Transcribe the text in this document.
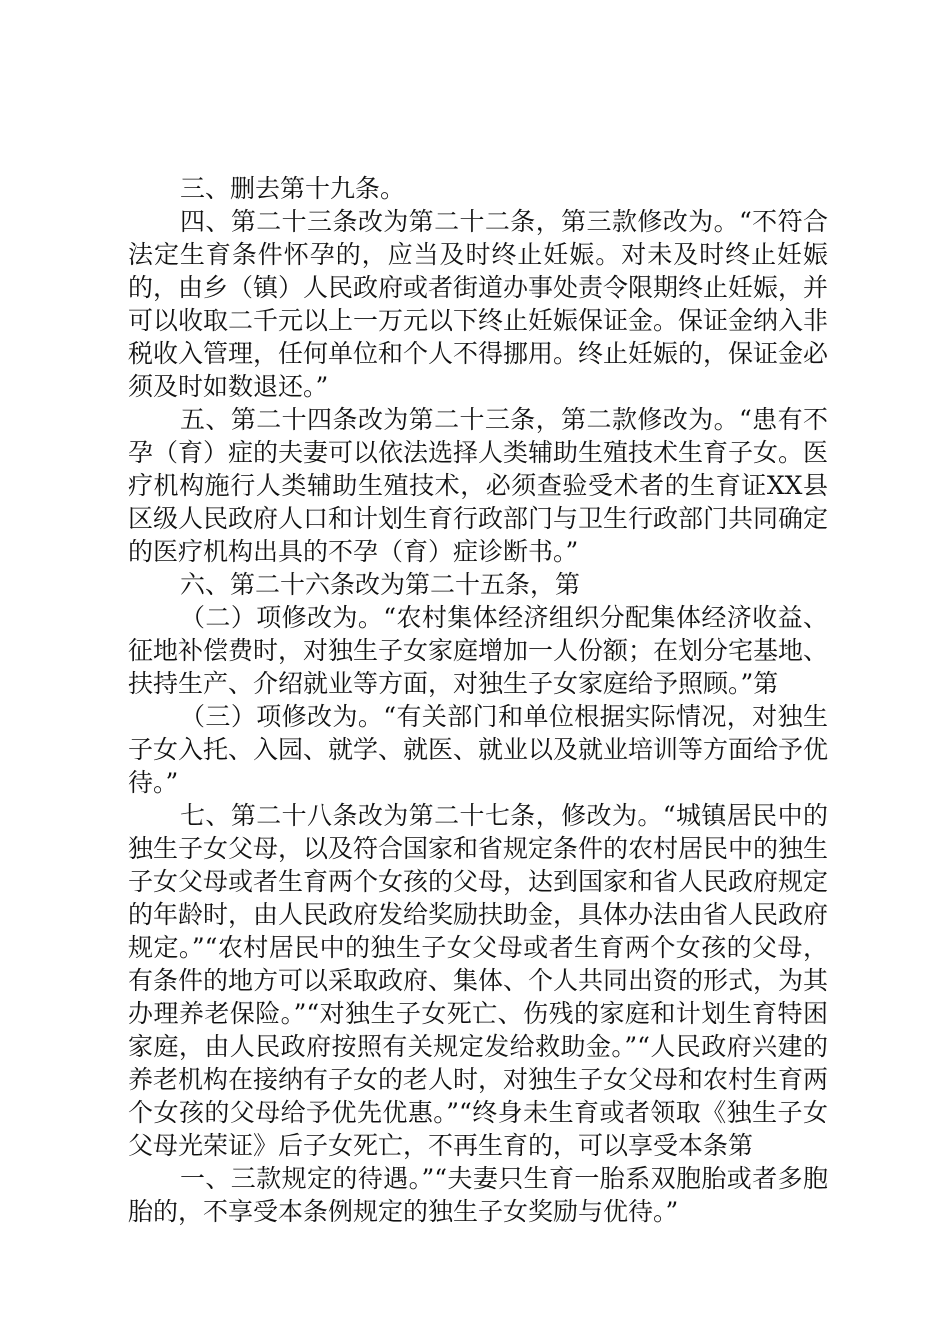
三、删去第十九条。

四、第二十三条改为第二十二条，第三款修改为。“不符合法定生育条件怀孕的，应当及时终止妊娠。对未及时终止妊娠的，由乡（镇）人民政府或者街道办事处责令限期终止妊娠，并可以收取二千元以上一万元以下终止妊娠保证金。保证金纳入非税收入管理，任何单位和个人不得挪用。终止妊娠的，保证金必须及时如数退还。”

五、第二十四条改为第二十三条，第二款修改为。“患有不孕（育）症的夫妻可以依法选择人类辅助生殖技术生育子女。医疗机构施行人类辅助生殖技术，必须查验受术者的生育证XX县区级人民政府人口和计划生育行政部门与卫生行政部门共同确定的医疗机构出具的不孕（育）症诊断书。”

六、第二十六条改为第二十五条，第

（二）项修改为。“农村集体经济组织分配集体经济收益、征地补偿费时，对独生子女家庭增加一人份额；在划分宅基地、扶持生产、介绍就业等方面，对独生子女家庭给予照顾。”第

（三）项修改为。“有关部门和单位根据实际情况，对独生子女入托、入园、就学、就医、就业以及就业培训等方面给予优待。”

七、第二十八条改为第二十七条，修改为。“城镇居民中的独生子女父母，以及符合国家和省规定条件的农村居民中的独生子女父母或者生育两个女孩的父母，达到国家和省人民政府规定的年龄时，由人民政府发给奖励扶助金，具体办法由省人民政府规定。”“农村居民中的独生子女父母或者生育两个女孩的父母，有条件的地方可以采取政府、集体、个人共同出资的形式，为其办理养老保险。”“对独生子女死亡、伤残的家庭和计划生育特困家庭，由人民政府按照有关规定发给救助金。”“人民政府兴建的养老机构在接纳有子女的老人时，对独生子女父母和农村生育两个女孩的父母给予优先优惠。”“终身未生育或者领取《独生子女父母光荣证》后子女死亡，不再生育的，可以享受本条第

一、三款规定的待遇。”“夫妻只生育一胎系双胞胎或者多胞胎的，不享受本条例规定的独生子女奖励与优待。”
